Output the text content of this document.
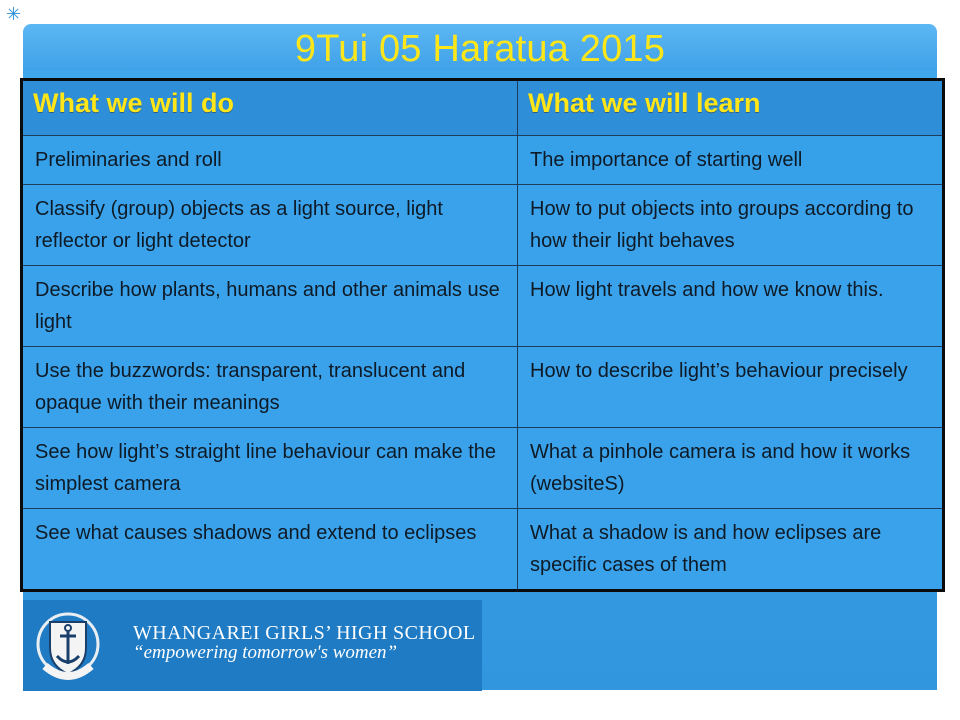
✳
9Tui 05 Haratua 2015
What we will do	What we will learn
Preliminaries and roll	The importance of starting well
Classify (group) objects as a light source, light reflector or light detector	How to put objects into groups according to how their light behaves
Describe how plants, humans and other animals use light	How light travels and how we know this.
Use the buzzwords: transparent, translucent and opaque with their meanings	How to describe light’s behaviour precisely
See how light’s straight line behaviour can make the simplest camera	What a pinhole camera is and how it works (websiteS)
See what causes shadows and extend to eclipses	What a shadow is and how eclipses are specific cases of them
WHANGAREI GIRLS’ HIGH SCHOOL
“empowering tomorrow's women”
